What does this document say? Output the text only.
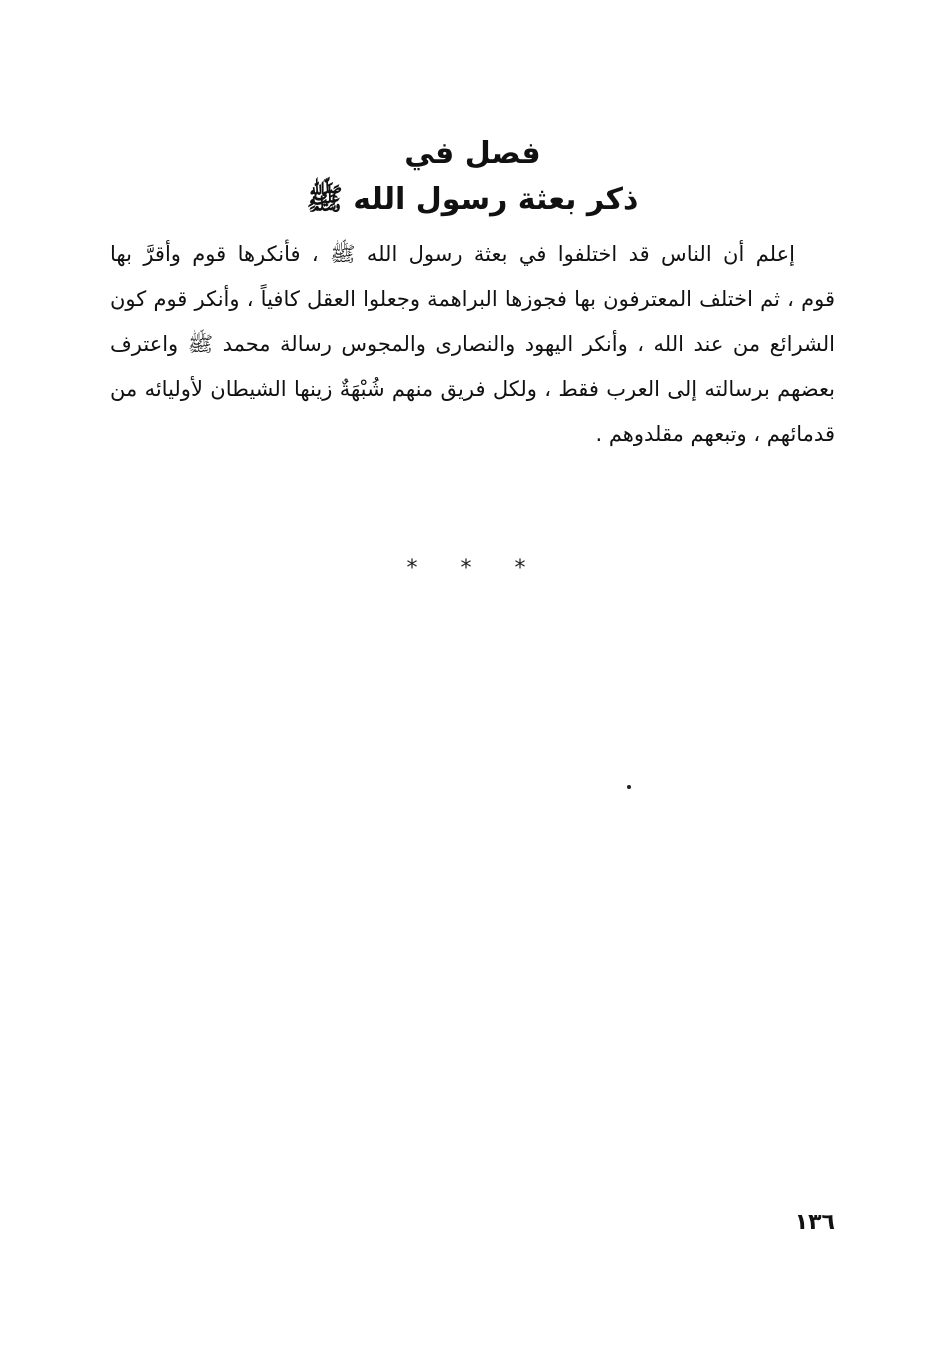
فصل في
ذكر بعثة رسول الله ﷺ
إعلم أن الناس قد اختلفوا في بعثة رسول الله ﷺ ، فأنكرها قوم وأقرَّ بها
قوم ، ثم اختلف المعترفون بها فجوزها البراهمة وجعلوا العقل كافياً ، وأنكر قوم كون
الشرائع من عند الله ، وأنكر اليهود والنصارى والمجوس رسالة محمد ﷺ واعترف
بعضهم برسالته إلى العرب فقط ، ولكل فريق منهم شُبْهَةٌ زينها الشيطان لأوليائه من
قدمائهم ، وتبعهم مقلدوهم .
* * *
١٣٦
